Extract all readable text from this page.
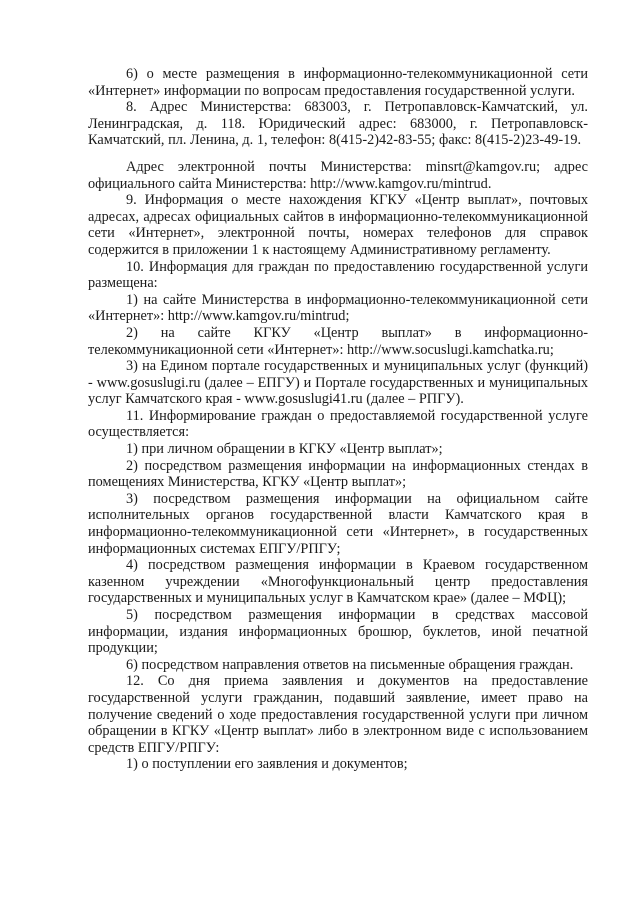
6) о месте размещения в информационно-телекоммуникационной сети «Интернет» информации по вопросам предоставления государственной услуги.

8. Адрес Министерства: 683003, г. Петропавловск-Камчатский, ул. Ленинградская, д. 118. Юридический адрес: 683000, г. Петропавловск-Камчатский, пл. Ленина, д. 1, телефон: 8(415-2)42-83-55; факс: 8(415-2)23-49-19.

Адрес электронной почты Министерства: minsrt@kamgov.ru; адрес официального сайта Министерства: http://www.kamgov.ru/mintrud.

9. Информация о месте нахождения КГКУ «Центр выплат», почтовых адресах, адресах официальных сайтов в информационно-телекоммуникационной сети «Интернет», электронной почты, номерах телефонов для справок содержится в приложении 1 к настоящему Административному регламенту.

10. Информация для граждан по предоставлению государственной услуги размещена:

1) на сайте Министерства в информационно-телекоммуникационной сети «Интернет»: http://www.kamgov.ru/mintrud;

2) на сайте КГКУ «Центр выплат» в информационно-телекоммуникационной сети «Интернет»: http://www.socuslugi.kamchatka.ru;

3) на Едином портале государственных и муниципальных услуг (функций) - www.gosuslugi.ru (далее – ЕПГУ) и Портале государственных и муниципальных услуг Камчатского края - www.gosuslugi41.ru (далее – РПГУ).

11. Информирование граждан о предоставляемой государственной услуге осуществляется:

1) при личном обращении в КГКУ «Центр выплат»;

2) посредством размещения информации на информационных стендах в помещениях Министерства, КГКУ «Центр выплат»;

3) посредством размещения информации на официальном сайте исполнительных органов государственной власти Камчатского края в информационно-телекоммуникационной сети «Интернет», в государственных информационных системах ЕПГУ/РПГУ;

4) посредством размещения информации в Краевом государственном казенном учреждении «Многофункциональный центр предоставления государственных и муниципальных услуг в Камчатском крае» (далее – МФЦ);

5) посредством размещения информации в средствах массовой информации, издания информационных брошюр, буклетов, иной печатной продукции;

6) посредством направления ответов на письменные обращения граждан.

12. Со дня приема заявления и документов на предоставление государственной услуги гражданин, подавший заявление, имеет право на получение сведений о ходе предоставления государственной услуги при личном обращении в КГКУ «Центр выплат» либо в электронном виде с использованием средств ЕПГУ/РПГУ:

1) о поступлении его заявления и документов;
